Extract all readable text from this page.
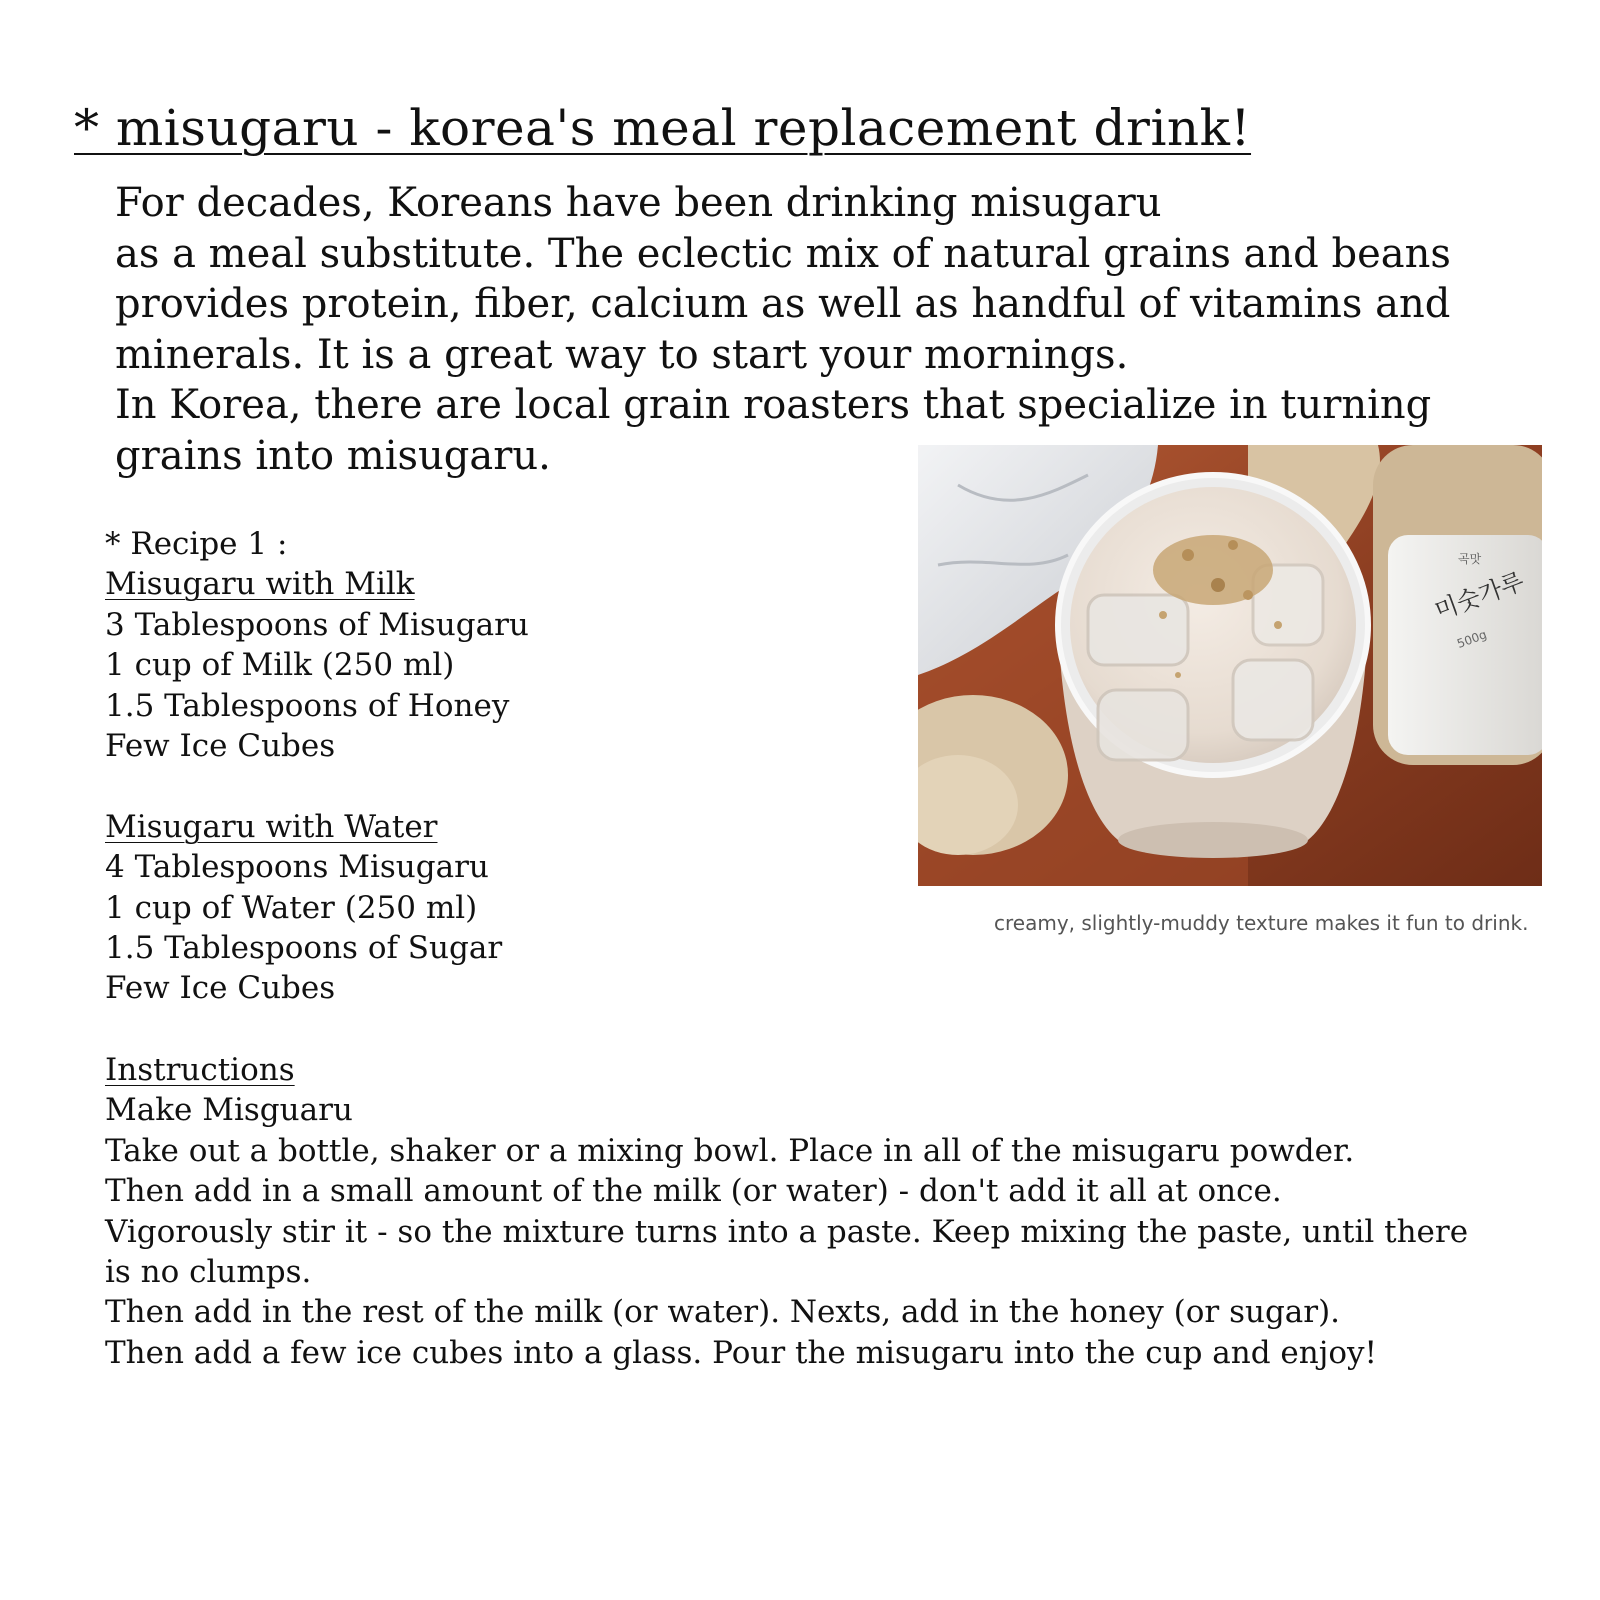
* misugaru - korea's meal replacement drink!
For decades, Koreans have been drinking misugaru
as a meal substitute. The eclectic mix of natural grains and beans
provides protein, fiber, calcium as well as handful of vitamins and
minerals. It is a great way to start your mornings.
In Korea, there are local grain roasters that specialize in turning
grains into misugaru.
곡맛
미숫가루
500g

creamy, slightly-muddy texture makes it fun to drink.

* Recipe 1 :
Misugaru with Milk
3 Tablespoons of Misugaru
1 cup of Milk (250 ml)
1.5 Tablespoons of Honey
Few Ice Cubes
Misugaru with Water
4 Tablespoons Misugaru
1 cup of Water (250 ml)
1.5 Tablespoons of Sugar
Few Ice Cubes
Instructions
Make Misguaru
Take out a bottle, shaker or a mixing bowl. Place in all of the misugaru powder.
Then add in a small amount of the milk (or water) - don't add it all at once.
Vigorously stir it - so the mixture turns into a paste. Keep mixing the paste, until there
is no clumps.
Then add in the rest of the milk (or water). Nexts, add in the honey (or sugar).
Then add a few ice cubes into a glass. Pour the misugaru into the cup and enjoy!
